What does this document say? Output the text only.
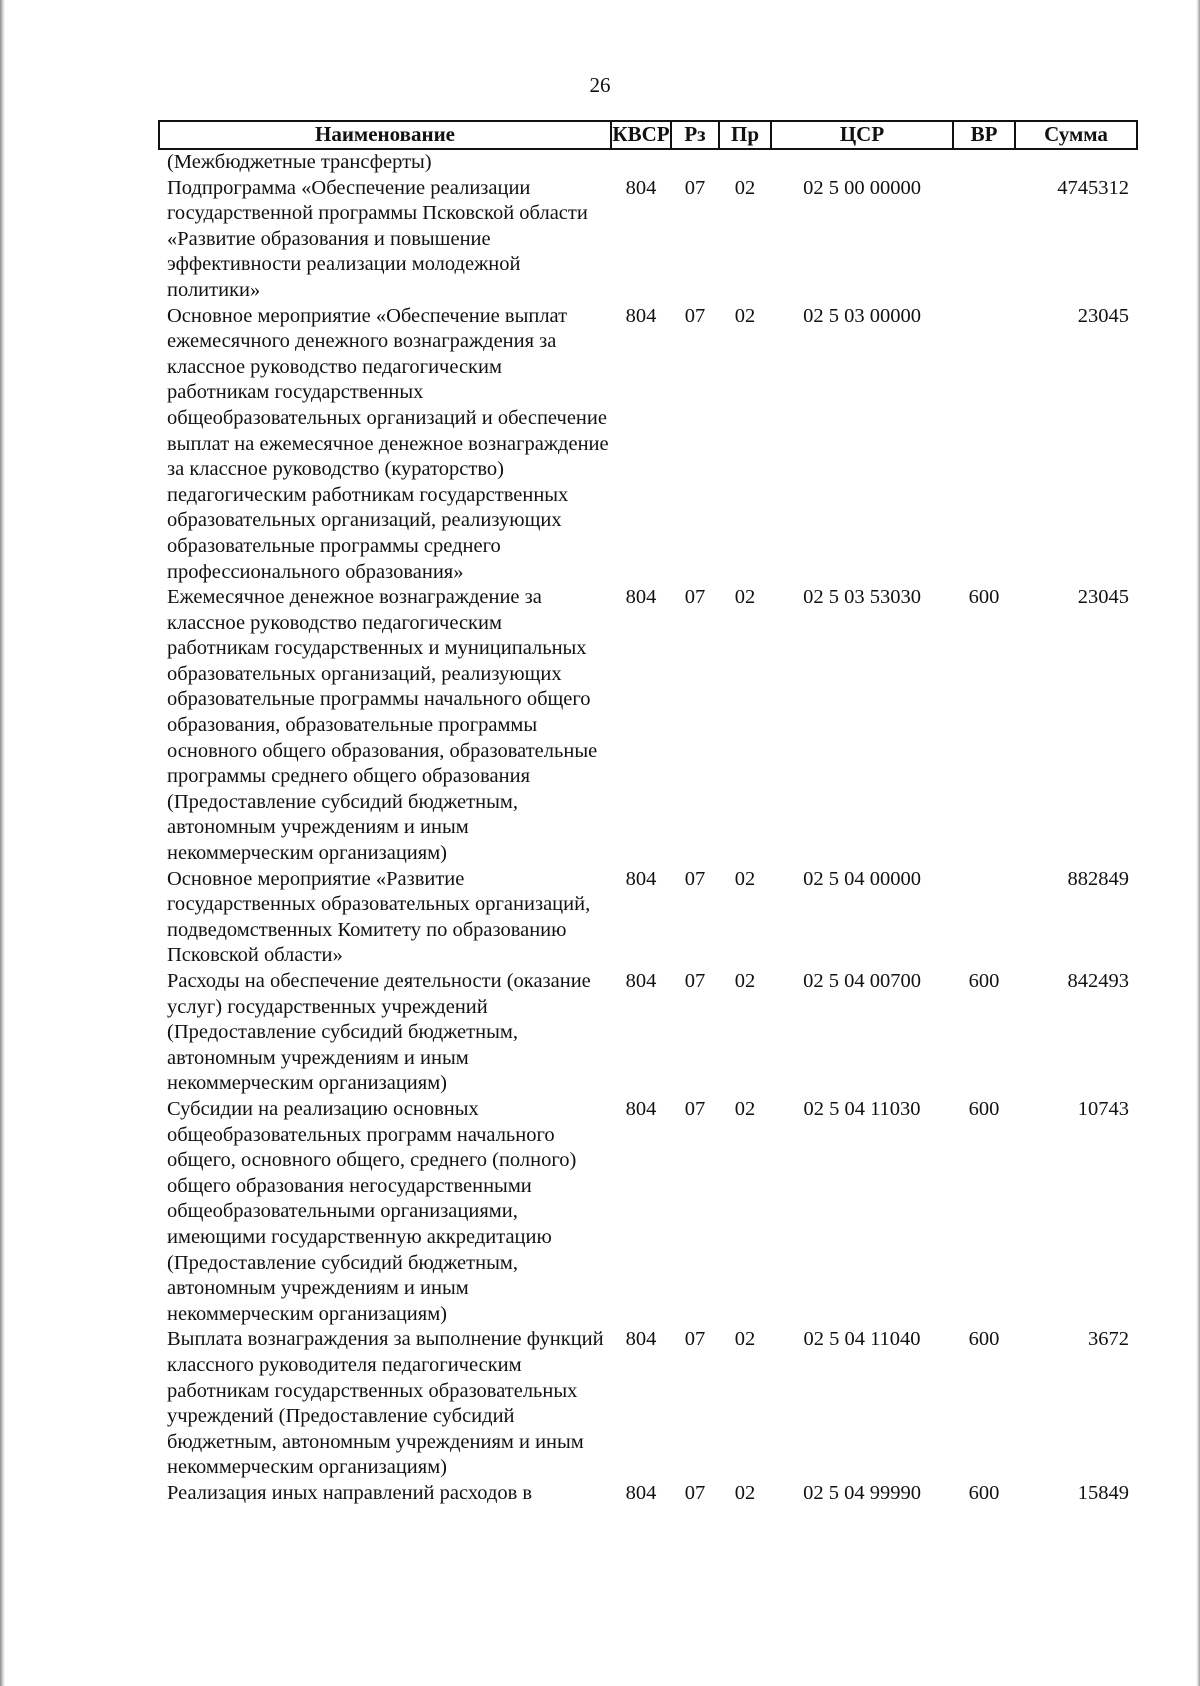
26
Наименование	КВСР	Рз	Пр	ЦСР	ВР	Сумма
(Межбюджетные трансферты)						
Подпрограмма «Обеспечение реализации государственной программы Псковской области «Развитие образования и повышение эффективности реализации молодежной политики»	804	07	02	02 5 00 00000		4745312
Основное мероприятие «Обеспечение выплат ежемесячного денежного вознаграждения за классное руководство педагогическим работникам государственных общеобразовательных организаций и обеспечение выплат на ежемесячное денежное вознаграждение за классное руководство (кураторство) педагогическим работникам государственных образовательных организаций, реализующих образовательные программы среднего профессионального образования»	804	07	02	02 5 03 00000		23045
Ежемесячное денежное вознаграждение за классное руководство педагогическим работникам государственных и муниципальных образовательных организаций, реализующих образовательные программы начального общего образования, образовательные программы основного общего образования, образовательные программы среднего общего образования (Предоставление субсидий бюджетным, автономным учреждениям и иным некоммерческим организациям)	804	07	02	02 5 03 53030	600	23045
Основное мероприятие «Развитие государственных образовательных организаций, подведомственных Комитету по образованию Псковской области»	804	07	02	02 5 04 00000		882849
Расходы на обеспечение деятельности (оказание услуг) государственных учреждений (Предоставление субсидий бюджетным, автономным учреждениям и иным некоммерческим организациям)	804	07	02	02 5 04 00700	600	842493
Субсидии на реализацию основных общеобразовательных программ начального общего, основного общего, среднего (полного) общего образования негосударственными общеобразовательными организациями, имеющими государственную аккредитацию (Предоставление субсидий бюджетным, автономным учреждениям и иным некоммерческим организациям)	804	07	02	02 5 04 11030	600	10743
Выплата вознаграждения за выполнение функций классного руководителя педагогическим работникам государственных образовательных учреждений (Предоставление субсидий бюджетным, автономным учреждениям и иным некоммерческим организациям)	804	07	02	02 5 04 11040	600	3672
Реализация иных направлений расходов в	804	07	02	02 5 04 99990	600	15849
